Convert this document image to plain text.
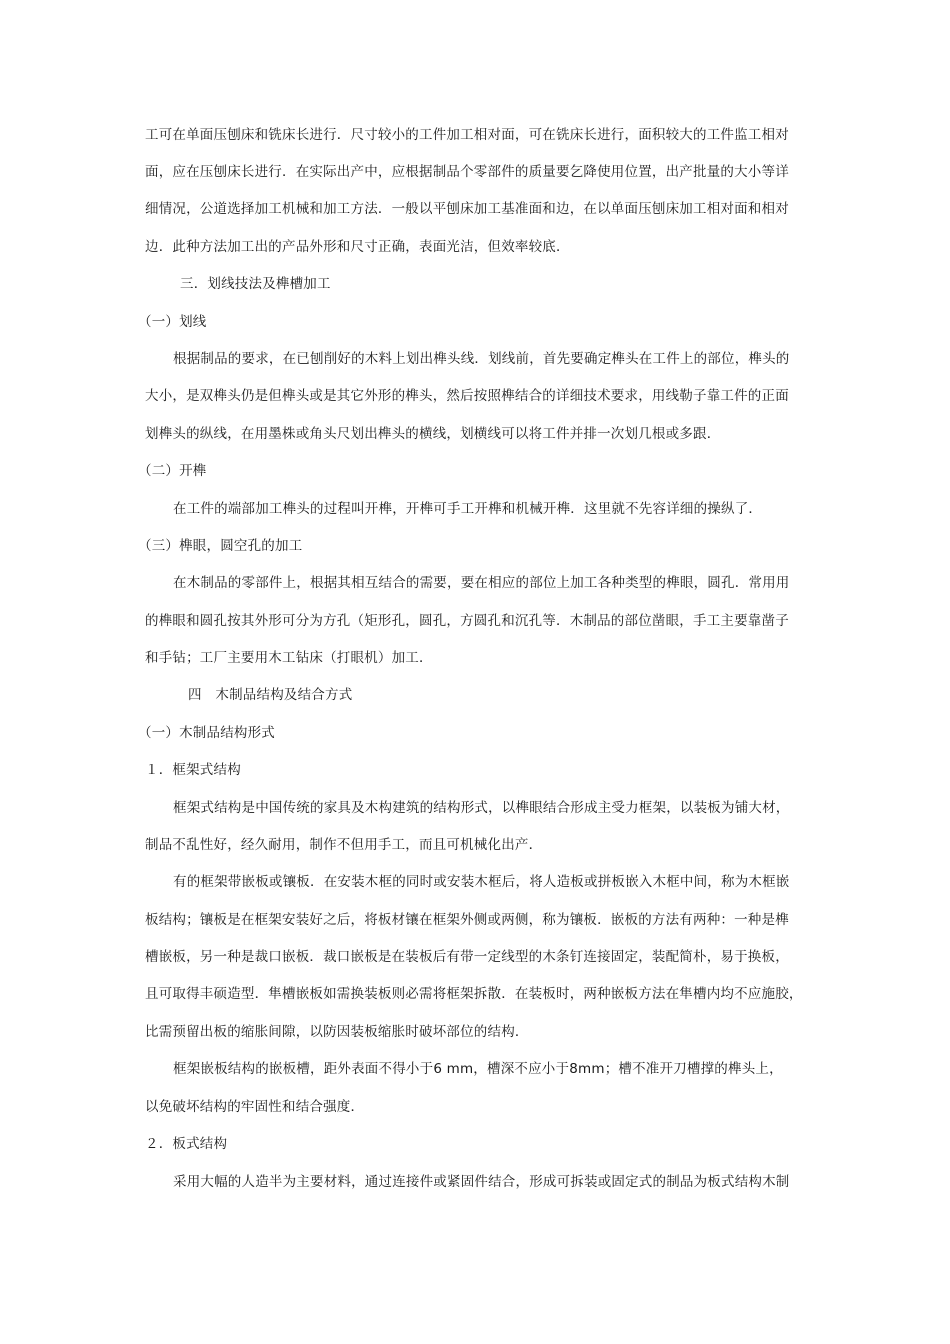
工可在单面压刨床和铣床长进行．尺寸较小的工件加工相对面，可在铣床长进行，面积较大的工件监工相对

面，应在压刨床长进行．在实际出产中，应根据制品个零部件的质量要乞降使用位置，出产批量的大小等详

细情况，公道选择加工机械和加工方法．一般以平刨床加工基准面和边，在以单面压刨床加工相对面和相对

边．此种方法加工出的产品外形和尺寸正确，表面光洁，但效率较底．

三．划线技法及榫槽加工

（一）划线

根据制品的要求，在已刨削好的木料上划出榫头线．划线前，首先要确定榫头在工件上的部位，榫头的

大小，是双榫头仍是但榫头或是其它外形的榫头，然后按照榫结合的详细技术要求，用线勒子靠工件的正面

划榫头的纵线，在用墨株或角头尺划出榫头的横线，划横线可以将工件并排一次划几根或多跟．

（二）开榫

在工件的端部加工榫头的过程叫开榫，开榫可手工开榫和机械开榫．这里就不先容详细的操纵了．

（三）榫眼，圆空孔的加工

在木制品的零部件上，根据其相互结合的需要，要在相应的部位上加工各种类型的榫眼，圆孔．常用用

的榫眼和圆孔按其外形可分为方孔（矩形孔，圆孔，方圆孔和沉孔等．木制品的部位凿眼，手工主要靠凿子

和手钻；工厂主要用木工钻床（打眼机）加工．

四　木制品结构及结合方式

（一）木制品结构形式

１．框架式结构

框架式结构是中国传统的家具及木构建筑的结构形式，以榫眼结合形成主受力框架，以装板为铺大材，

制品不乱性好，经久耐用，制作不但用手工，而且可机械化出产．

有的框架带嵌板或镶板．在安装木框的同时或安装木框后，将人造板或拼板嵌入木框中间，称为木框嵌

板结构；镶板是在框架安装好之后，将板材镶在框架外侧或两侧，称为镶板．嵌板的方法有两种：一种是榫

槽嵌板，另一种是裁口嵌板．裁口嵌板是在装板后有带一定线型的木条钉连接固定，装配简朴，易于换板，

且可取得丰硕造型．隼槽嵌板如需换装板则必需将框架拆散．在装板时，两种嵌板方法在隼槽内均不应施胶，

比需预留出板的缩胀间隙，以防因装板缩胀时破坏部位的结构．

框架嵌板结构的嵌板槽，距外表面不得小于6 mm，槽深不应小于8mm；槽不准开刀槽撑的榫头上，

以免破坏结构的牢固性和结合强度．

２．板式结构

采用大幅的人造半为主要材料，通过连接件或紧固件结合，形成可拆装或固定式的制品为板式结构木制
